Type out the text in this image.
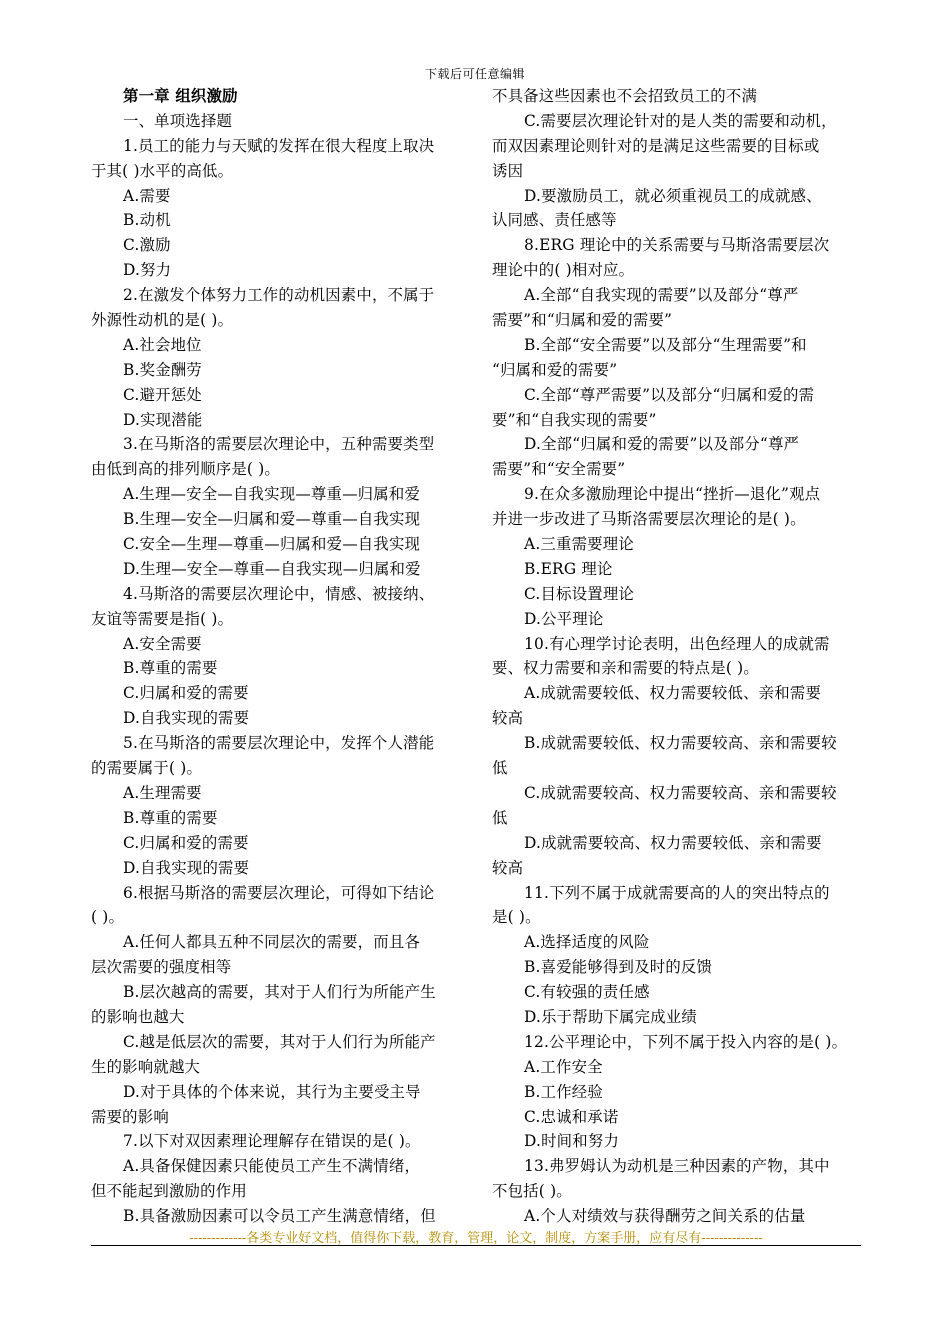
下载后可任意编辑
第一章 组织激励
一、单项选择题
1.员工的能力与天赋的发挥在很大程度上取决
于其( )水平的高低。
A.需要
B.动机
C.激励
D.努力
2.在激发个体努力工作的动机因素中，不属于
外源性动机的是( )。
A.社会地位
B.奖金酬劳
C.避开惩处
D.实现潜能
3.在马斯洛的需要层次理论中，五种需要类型
由低到高的排列顺序是( )。
A.生理—安全—自我实现—尊重—归属和爱
B.生理—安全—归属和爱—尊重—自我实现
C.安全—生理—尊重—归属和爱—自我实现
D.生理—安全—尊重—自我实现—归属和爱
4.马斯洛的需要层次理论中，情感、被接纳、
友谊等需要是指( )。
A.安全需要
B.尊重的需要
C.归属和爱的需要
D.自我实现的需要
5.在马斯洛的需要层次理论中，发挥个人潜能
的需要属于( )。
A.生理需要
B.尊重的需要
C.归属和爱的需要
D.自我实现的需要
6.根据马斯洛的需要层次理论，可得如下结论
( )。
A.任何人都具五种不同层次的需要，而且各
层次需要的强度相等
B.层次越高的需要，其对于人们行为所能产生
的影响也越大
C.越是低层次的需要，其对于人们行为所能产
生的影响就越大
D.对于具体的个体来说，其行为主要受主导
需要的影响
7.以下对双因素理论理解存在错误的是( )。
A.具备保健因素只能使员工产生不满情绪，
但不能起到激励的作用
B.具备激励因素可以令员工产生满意情绪，但
不具备这些因素也不会招致员工的不满
C.需要层次理论针对的是人类的需要和动机，
而双因素理论则针对的是满足这些需要的目标或
诱因
D.要激励员工，就必须重视员工的成就感、
认同感、责任感等
8.ERG 理论中的关系需要与马斯洛需要层次
理论中的( )相对应。
A.全部“自我实现的需要”以及部分“尊严
需要”和“归属和爱的需要”
B.全部“安全需要”以及部分“生理需要”和
“归属和爱的需要”
C.全部“尊严需要”以及部分“归属和爱的需
要”和“自我实现的需要”
D.全部“归属和爱的需要”以及部分“尊严
需要”和“安全需要”
9.在众多激励理论中提出“挫折—退化”观点
并进一步改进了马斯洛需要层次理论的是( )。
A.三重需要理论
B.ERG 理论
C.目标设置理论
D.公平理论
10.有心理学讨论表明，出色经理人的成就需
要、权力需要和亲和需要的特点是( )。
A.成就需要较低、权力需要较低、亲和需要
较高
B.成就需要较低、权力需要较高、亲和需要较
低
C.成就需要较高、权力需要较高、亲和需要较
低
D.成就需要较高、权力需要较低、亲和需要
较高
11.下列不属于成就需要高的人的突出特点的
是( )。
A.选择适度的风险
B.喜爱能够得到及时的反馈
C.有较强的责任感
D.乐于帮助下属完成业绩
12.公平理论中，下列不属于投入内容的是( )。
A.工作安全
B.工作经验
C.忠诚和承诺
D.时间和努力
13.弗罗姆认为动机是三种因素的产物，其中
不包括( )。
A.个人对绩效与获得酬劳之间关系的估量
-------------各类专业好文档，值得你下载，教育，管理，论文，制度，方案手册，应有尽有--------------
